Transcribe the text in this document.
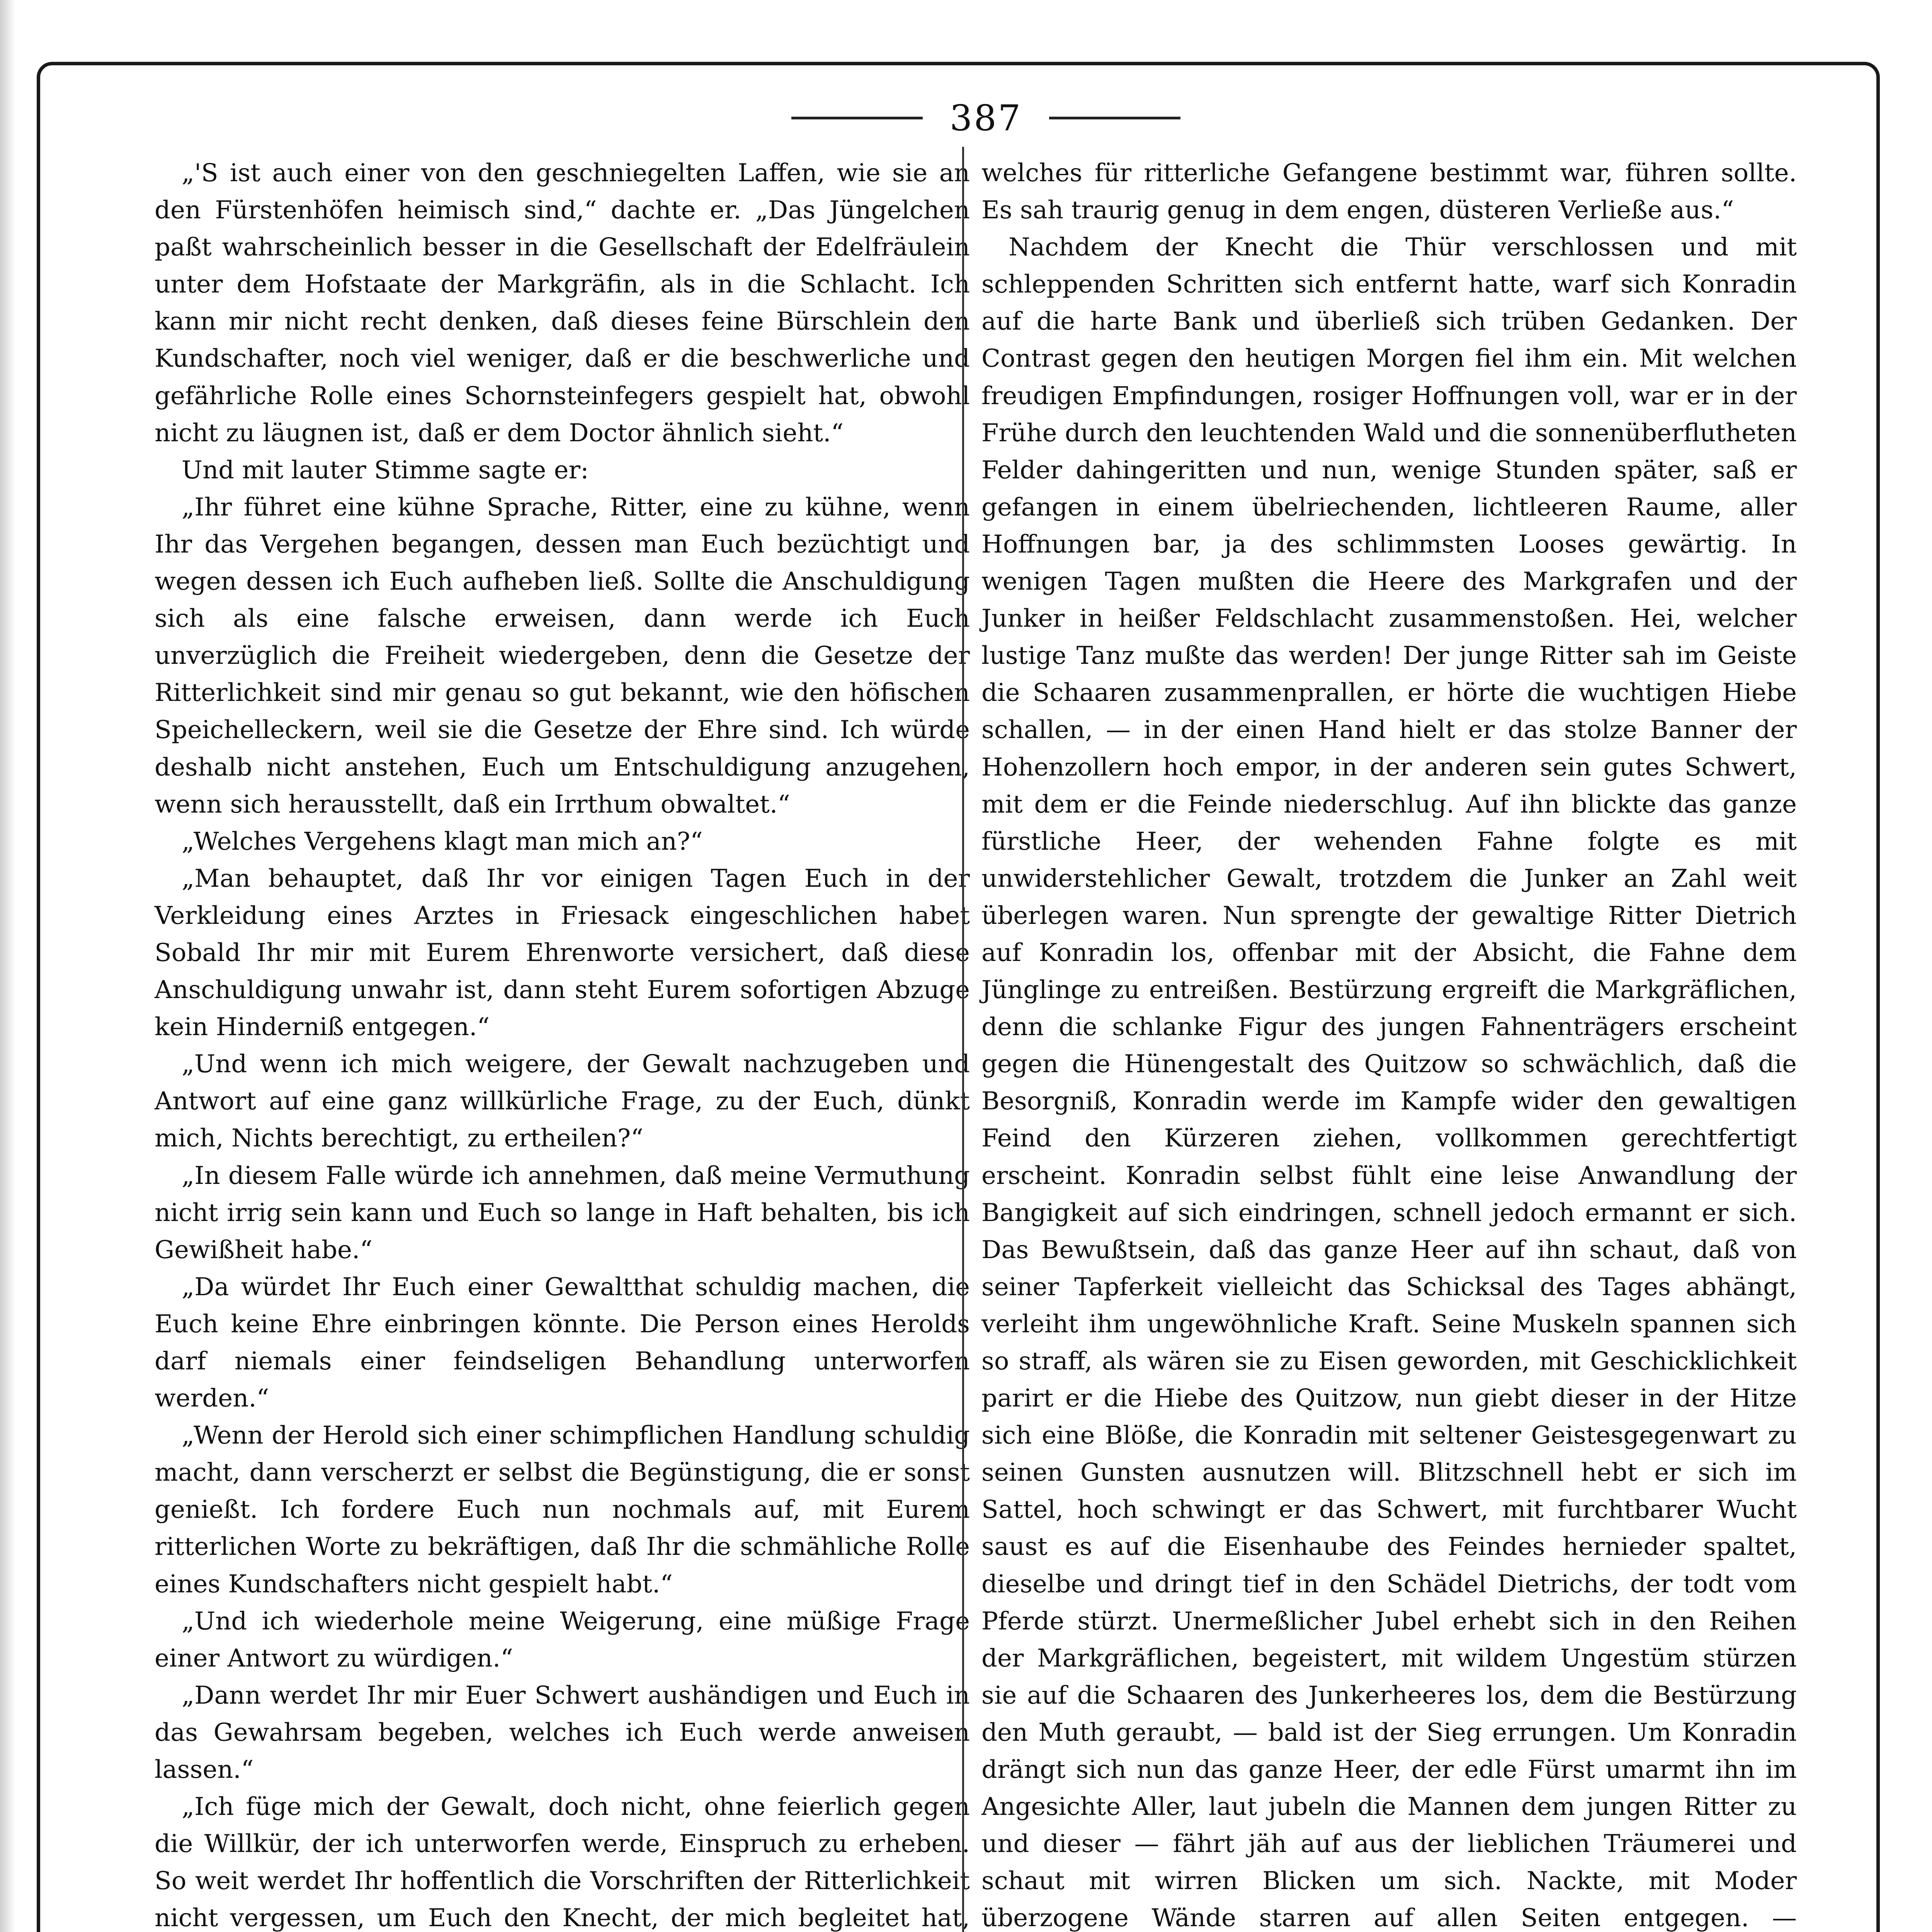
387

„'S ist auch einer von den geschniegelten Laffen, wie sie an den Fürstenhöfen heimisch sind,“ dachte er. „Das Jüngelchen paßt wahrscheinlich besser in die Gesellschaft der Edelfräulein unter dem Hofstaate der Markgräfin, als in die Schlacht. Ich kann mir nicht recht denken, daß dieses feine Bürschlein den Kundschafter, noch viel weniger, daß er die beschwerliche und gefährliche Rolle eines Schornsteinfegers gespielt hat, obwohl nicht zu läugnen ist, daß er dem Doctor ähnlich sieht.“

Und mit lauter Stimme sagte er:

„Ihr führet eine kühne Sprache, Ritter, eine zu kühne, wenn Ihr das Vergehen begangen, dessen man Euch bezüchtigt und wegen dessen ich Euch aufheben ließ. Sollte die Anschuldigung sich als eine falsche erweisen, dann werde ich Euch unverzüglich die Freiheit wiedergeben, denn die Gesetze der Ritterlichkeit sind mir genau so gut bekannt, wie den höfischen Speichelleckern, weil sie die Gesetze der Ehre sind. Ich würde deshalb nicht anstehen, Euch um Entschuldigung anzugehen, wenn sich herausstellt, daß ein Irrthum obwaltet.“

„Welches Vergehens klagt man mich an?“

„Man behauptet, daß Ihr vor einigen Tagen Euch in der Verkleidung eines Arztes in Friesack eingeschlichen habet Sobald Ihr mir mit Eurem Ehrenworte versichert, daß diese Anschuldigung unwahr ist, dann steht Eurem sofortigen Abzuge kein Hinderniß entgegen.“

„Und wenn ich mich weigere, der Gewalt nachzugeben und Antwort auf eine ganz willkürliche Frage, zu der Euch, dünkt mich, Nichts berechtigt, zu ertheilen?“

„In diesem Falle würde ich annehmen, daß meine Vermuthung nicht irrig sein kann und Euch so lange in Haft behalten, bis ich Gewißheit habe.“

„Da würdet Ihr Euch einer Gewaltthat schuldig machen, die Euch keine Ehre einbringen könnte. Die Person eines Herolds darf niemals einer feindseligen Behandlung unterworfen werden.“

„Wenn der Herold sich einer schimpflichen Handlung schuldig macht, dann verscherzt er selbst die Begünstigung, die er sonst genießt. Ich fordere Euch nun nochmals auf, mit Eurem ritterlichen Worte zu bekräftigen, daß Ihr die schmähliche Rolle eines Kundschafters nicht gespielt habt.“

„Und ich wiederhole meine Weigerung, eine müßige Frage einer Antwort zu würdigen.“

„Dann werdet Ihr mir Euer Schwert aushändigen und Euch in das Gewahrsam begeben, welches ich Euch werde anweisen lassen.“

„Ich füge mich der Gewalt, doch nicht, ohne feierlich gegen die Willkür, der ich unterworfen werde, Einspruch zu erheben. So weit werdet Ihr hoffentlich die Vorschriften der Ritterlichkeit nicht vergessen, um Euch den Knecht, der mich begleitet hat,

welches für ritterliche Gefangene bestimmt war, führen sollte. Es sah traurig genug in dem engen, düsteren Verließe aus.“

Nachdem der Knecht die Thür verschlossen und mit schleppenden Schritten sich entfernt hatte, warf sich Konradin auf die harte Bank und überließ sich trüben Gedanken. Der Contrast gegen den heutigen Morgen fiel ihm ein. Mit welchen freudigen Empfindungen, rosiger Hoffnungen voll, war er in der Frühe durch den leuchtenden Wald und die sonnenüberflutheten Felder dahingeritten und nun, wenige Stunden später, saß er gefangen in einem übelriechenden, lichtleeren Raume, aller Hoffnungen bar, ja des schlimmsten Looses gewärtig. In wenigen Tagen mußten die Heere des Markgrafen und der Junker in heißer Feldschlacht zusammenstoßen. Hei, welcher lustige Tanz mußte das werden! Der junge Ritter sah im Geiste die Schaaren zusammenprallen, er hörte die wuchtigen Hiebe schallen, — in der einen Hand hielt er das stolze Banner der Hohenzollern hoch empor, in der anderen sein gutes Schwert, mit dem er die Feinde niederschlug. Auf ihn blickte das ganze fürstliche Heer, der wehenden Fahne folgte es mit unwiderstehlicher Gewalt, trotzdem die Junker an Zahl weit überlegen waren. Nun sprengte der gewaltige Ritter Dietrich auf Konradin los, offenbar mit der Absicht, die Fahne dem Jünglinge zu entreißen. Bestürzung ergreift die Markgräflichen, denn die schlanke Figur des jungen Fahnenträgers erscheint gegen die Hünengestalt des Quitzow so schwächlich, daß die Besorgniß, Konradin werde im Kampfe wider den gewaltigen Feind den Kürzeren ziehen, vollkommen gerechtfertigt erscheint. Konradin selbst fühlt eine leise Anwandlung der Bangigkeit auf sich eindringen, schnell jedoch ermannt er sich. Das Bewußtsein, daß das ganze Heer auf ihn schaut, daß von seiner Tapferkeit vielleicht das Schicksal des Tages abhängt, verleiht ihm ungewöhnliche Kraft. Seine Muskeln spannen sich so straff, als wären sie zu Eisen geworden, mit Geschicklichkeit parirt er die Hiebe des Quitzow, nun giebt dieser in der Hitze sich eine Blöße, die Konradin mit seltener Geistesgegenwart zu seinen Gunsten ausnutzen will. Blitzschnell hebt er sich im Sattel, hoch schwingt er das Schwert, mit furchtbarer Wucht saust es auf die Eisenhaube des Feindes hernieder spaltet, dieselbe und dringt tief in den Schädel Dietrichs, der todt vom Pferde stürzt. Unermeßlicher Jubel erhebt sich in den Reihen der Markgräflichen, begeistert, mit wildem Ungestüm stürzen sie auf die Schaaren des Junkerheeres los, dem die Bestürzung den Muth geraubt, — bald ist der Sieg errungen. Um Konradin drängt sich nun das ganze Heer, der edle Fürst umarmt ihn im Angesichte Aller, laut jubeln die Mannen dem jungen Ritter zu und dieser — fährt jäh auf aus der lieblichen Träumerei und schaut mit wirren Blicken um sich. Nackte, mit Moder überzogene Wände starren auf allen Seiten entgegen. —
